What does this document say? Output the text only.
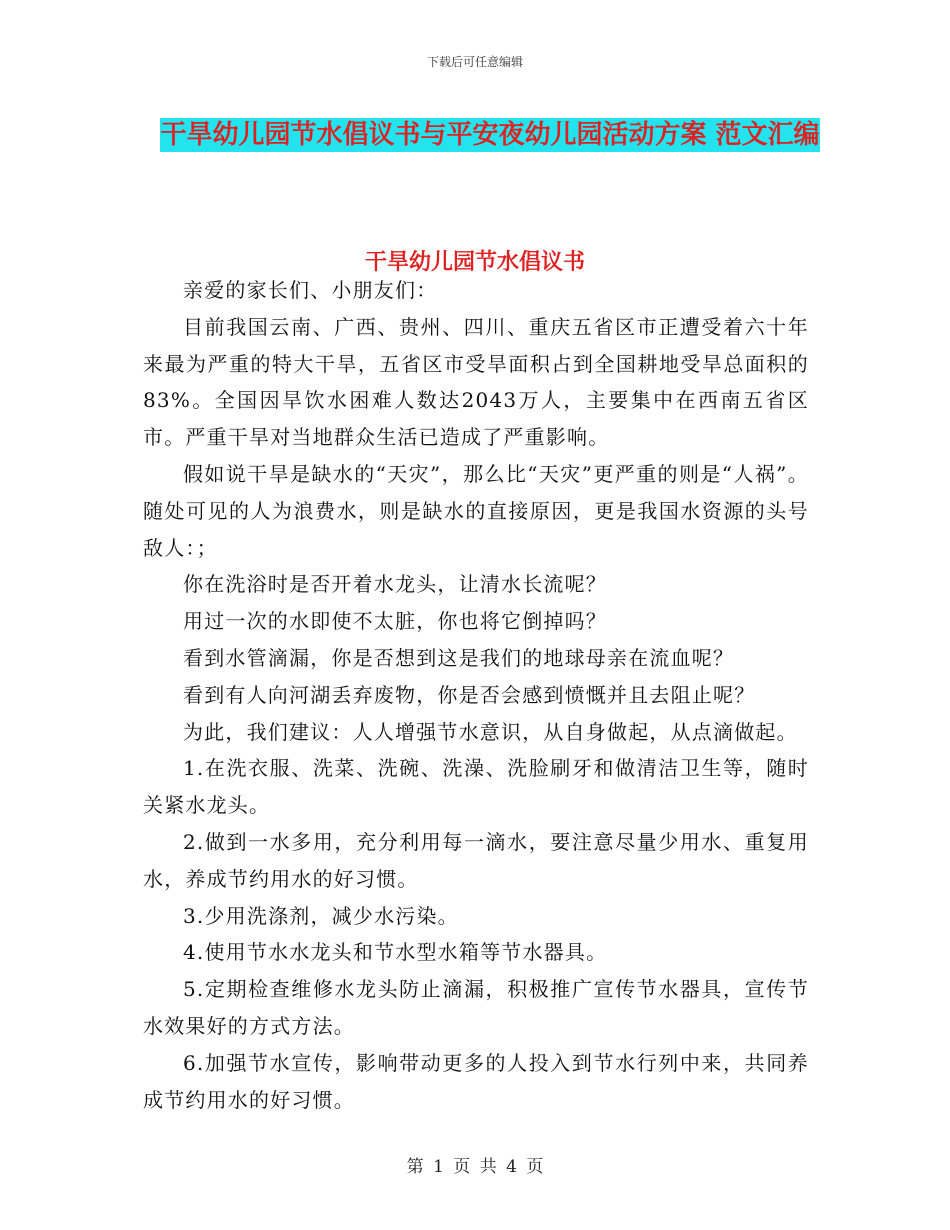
下载后可任意编辑
干旱幼儿园节水倡议书与平安夜幼儿园活动方案 范文汇编
干旱幼儿园节水倡议书

亲爱的家长们、小朋友们：

目前我国云南、广西、贵州、四川、重庆五省区市正遭受着六十年来最为严重的特大干旱，五省区市受旱面积占到全国耕地受旱总面积的83%。全国因旱饮水困难人数达2043万人，主要集中在西南五省区市。严重干旱对当地群众生活已造成了严重影响。

假如说干旱是缺水的“天灾”，那么比“天灾”更严重的则是“人祸”。随处可见的人为浪费水，则是缺水的直接原因，更是我国水资源的头号敌人：；

你在洗浴时是否开着水龙头，让清水长流呢？

用过一次的水即使不太脏，你也将它倒掉吗？

看到水管滴漏，你是否想到这是我们的地球母亲在流血呢？

看到有人向河湖丢弃废物，你是否会感到愤慨并且去阻止呢？

为此，我们建议：人人增强节水意识，从自身做起，从点滴做起。

1.在洗衣服、洗菜、洗碗、洗澡、洗脸刷牙和做清洁卫生等，随时关紧水龙头。

2.做到一水多用，充分利用每一滴水，要注意尽量少用水、重复用水，养成节约用水的好习惯。

3.少用洗涤剂，减少水污染。

4.使用节水水龙头和节水型水箱等节水器具。

5.定期检查维修水龙头防止滴漏，积极推广宣传节水器具，宣传节水效果好的方式方法。

6.加强节水宣传，影响带动更多的人投入到节水行列中来，共同养成节约用水的好习惯。

第 1 页 共 4 页
